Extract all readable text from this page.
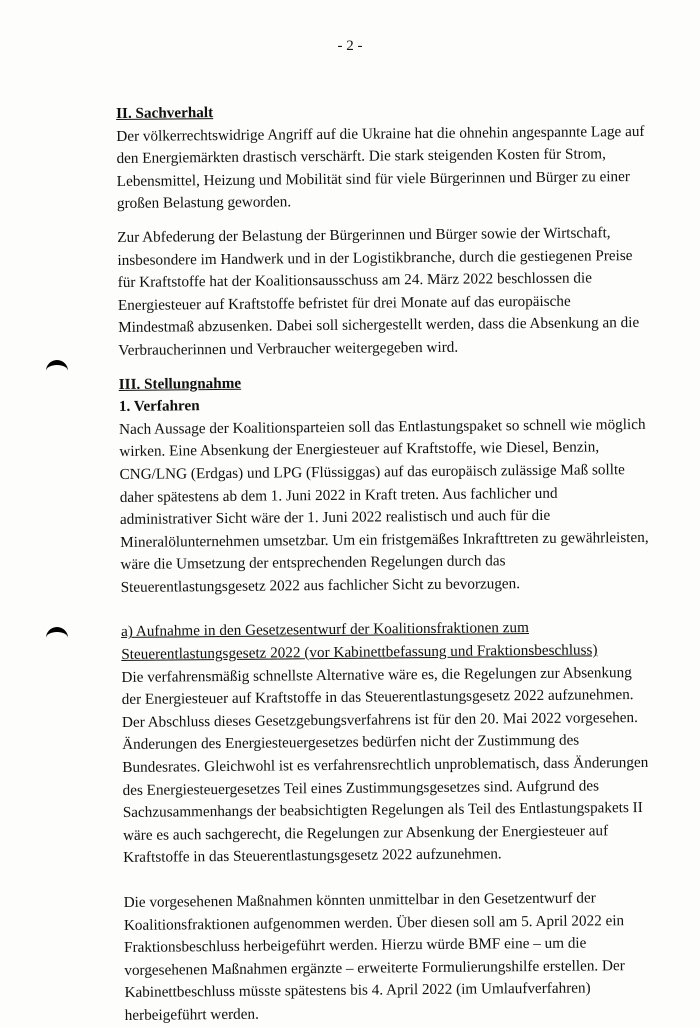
- 2 -

II. Sachverhalt

Der völkerrechtswidrige Angriff auf die Ukraine hat die ohnehin angespannte Lage auf den Energiemärkten drastisch verschärft. Die stark steigenden Kosten für Strom, Lebensmittel, Heizung und Mobilität sind für viele Bürgerinnen und Bürger zu einer großen Belastung geworden.

Zur Abfederung der Belastung der Bürgerinnen und Bürger sowie der Wirtschaft, insbesondere im Handwerk und in der Logistikbranche, durch die gestiegenen Preise für Kraftstoffe hat der Koalitionsausschuss am 24. März 2022 beschlossen die Energiesteuer auf Kraftstoffe befristet für drei Monate auf das europäische Mindestmaß abzusenken. Dabei soll sichergestellt werden, dass die Absenkung an die Verbraucherinnen und Verbraucher weitergegeben wird.

III. Stellungnahme

1. Verfahren

Nach Aussage der Koalitionsparteien soll das Entlastungspaket so schnell wie möglich wirken. Eine Absenkung der Energiesteuer auf Kraftstoffe, wie Diesel, Benzin, CNG/LNG (Erdgas) und LPG (Flüssiggas) auf das europäisch zulässige Maß sollte daher spätestens ab dem 1. Juni 2022 in Kraft treten. Aus fachlicher und administrativer Sicht wäre der 1. Juni 2022 realistisch und auch für die Mineralölunternehmen umsetzbar. Um ein fristgemäßes Inkrafttreten zu gewährleisten, wäre die Umsetzung der entsprechenden Regelungen durch das Steuerentlastungsgesetz 2022 aus fachlicher Sicht zu bevorzugen.

a) Aufnahme in den Gesetzesentwurf der Koalitionsfraktionen zum Steuerentlastungsgesetz 2022 (vor Kabinettbefassung und Fraktionsbeschluss)

Die verfahrensmäßig schnellste Alternative wäre es, die Regelungen zur Absenkung der Energiesteuer auf Kraftstoffe in das Steuerentlastungsgesetz 2022 aufzunehmen. Der Abschluss dieses Gesetzgebungsverfahrens ist für den 20. Mai 2022 vorgesehen. Änderungen des Energiesteuergesetzes bedürfen nicht der Zustimmung des Bundesrates. Gleichwohl ist es verfahrensrechtlich unproblematisch, dass Änderungen des Energiesteuergesetzes Teil eines Zustimmungsgesetzes sind. Aufgrund des Sachzusammenhangs der beabsichtigten Regelungen als Teil des Entlastungspakets II wäre es auch sachgerecht, die Regelungen zur Absenkung der Energiesteuer auf Kraftstoffe in das Steuerentlastungsgesetz 2022 aufzunehmen.

Die vorgesehenen Maßnahmen könnten unmittelbar in den Gesetzentwurf der Koalitionsfraktionen aufgenommen werden. Über diesen soll am 5. April 2022 ein Fraktionsbeschluss herbeigeführt werden. Hierzu würde BMF eine – um die vorgesehenen Maßnahmen ergänzte – erweiterte Formulierungshilfe erstellen. Der Kabinettbeschluss müsste spätestens bis 4. April 2022 (im Umlaufverfahren) herbeigeführt werden.
